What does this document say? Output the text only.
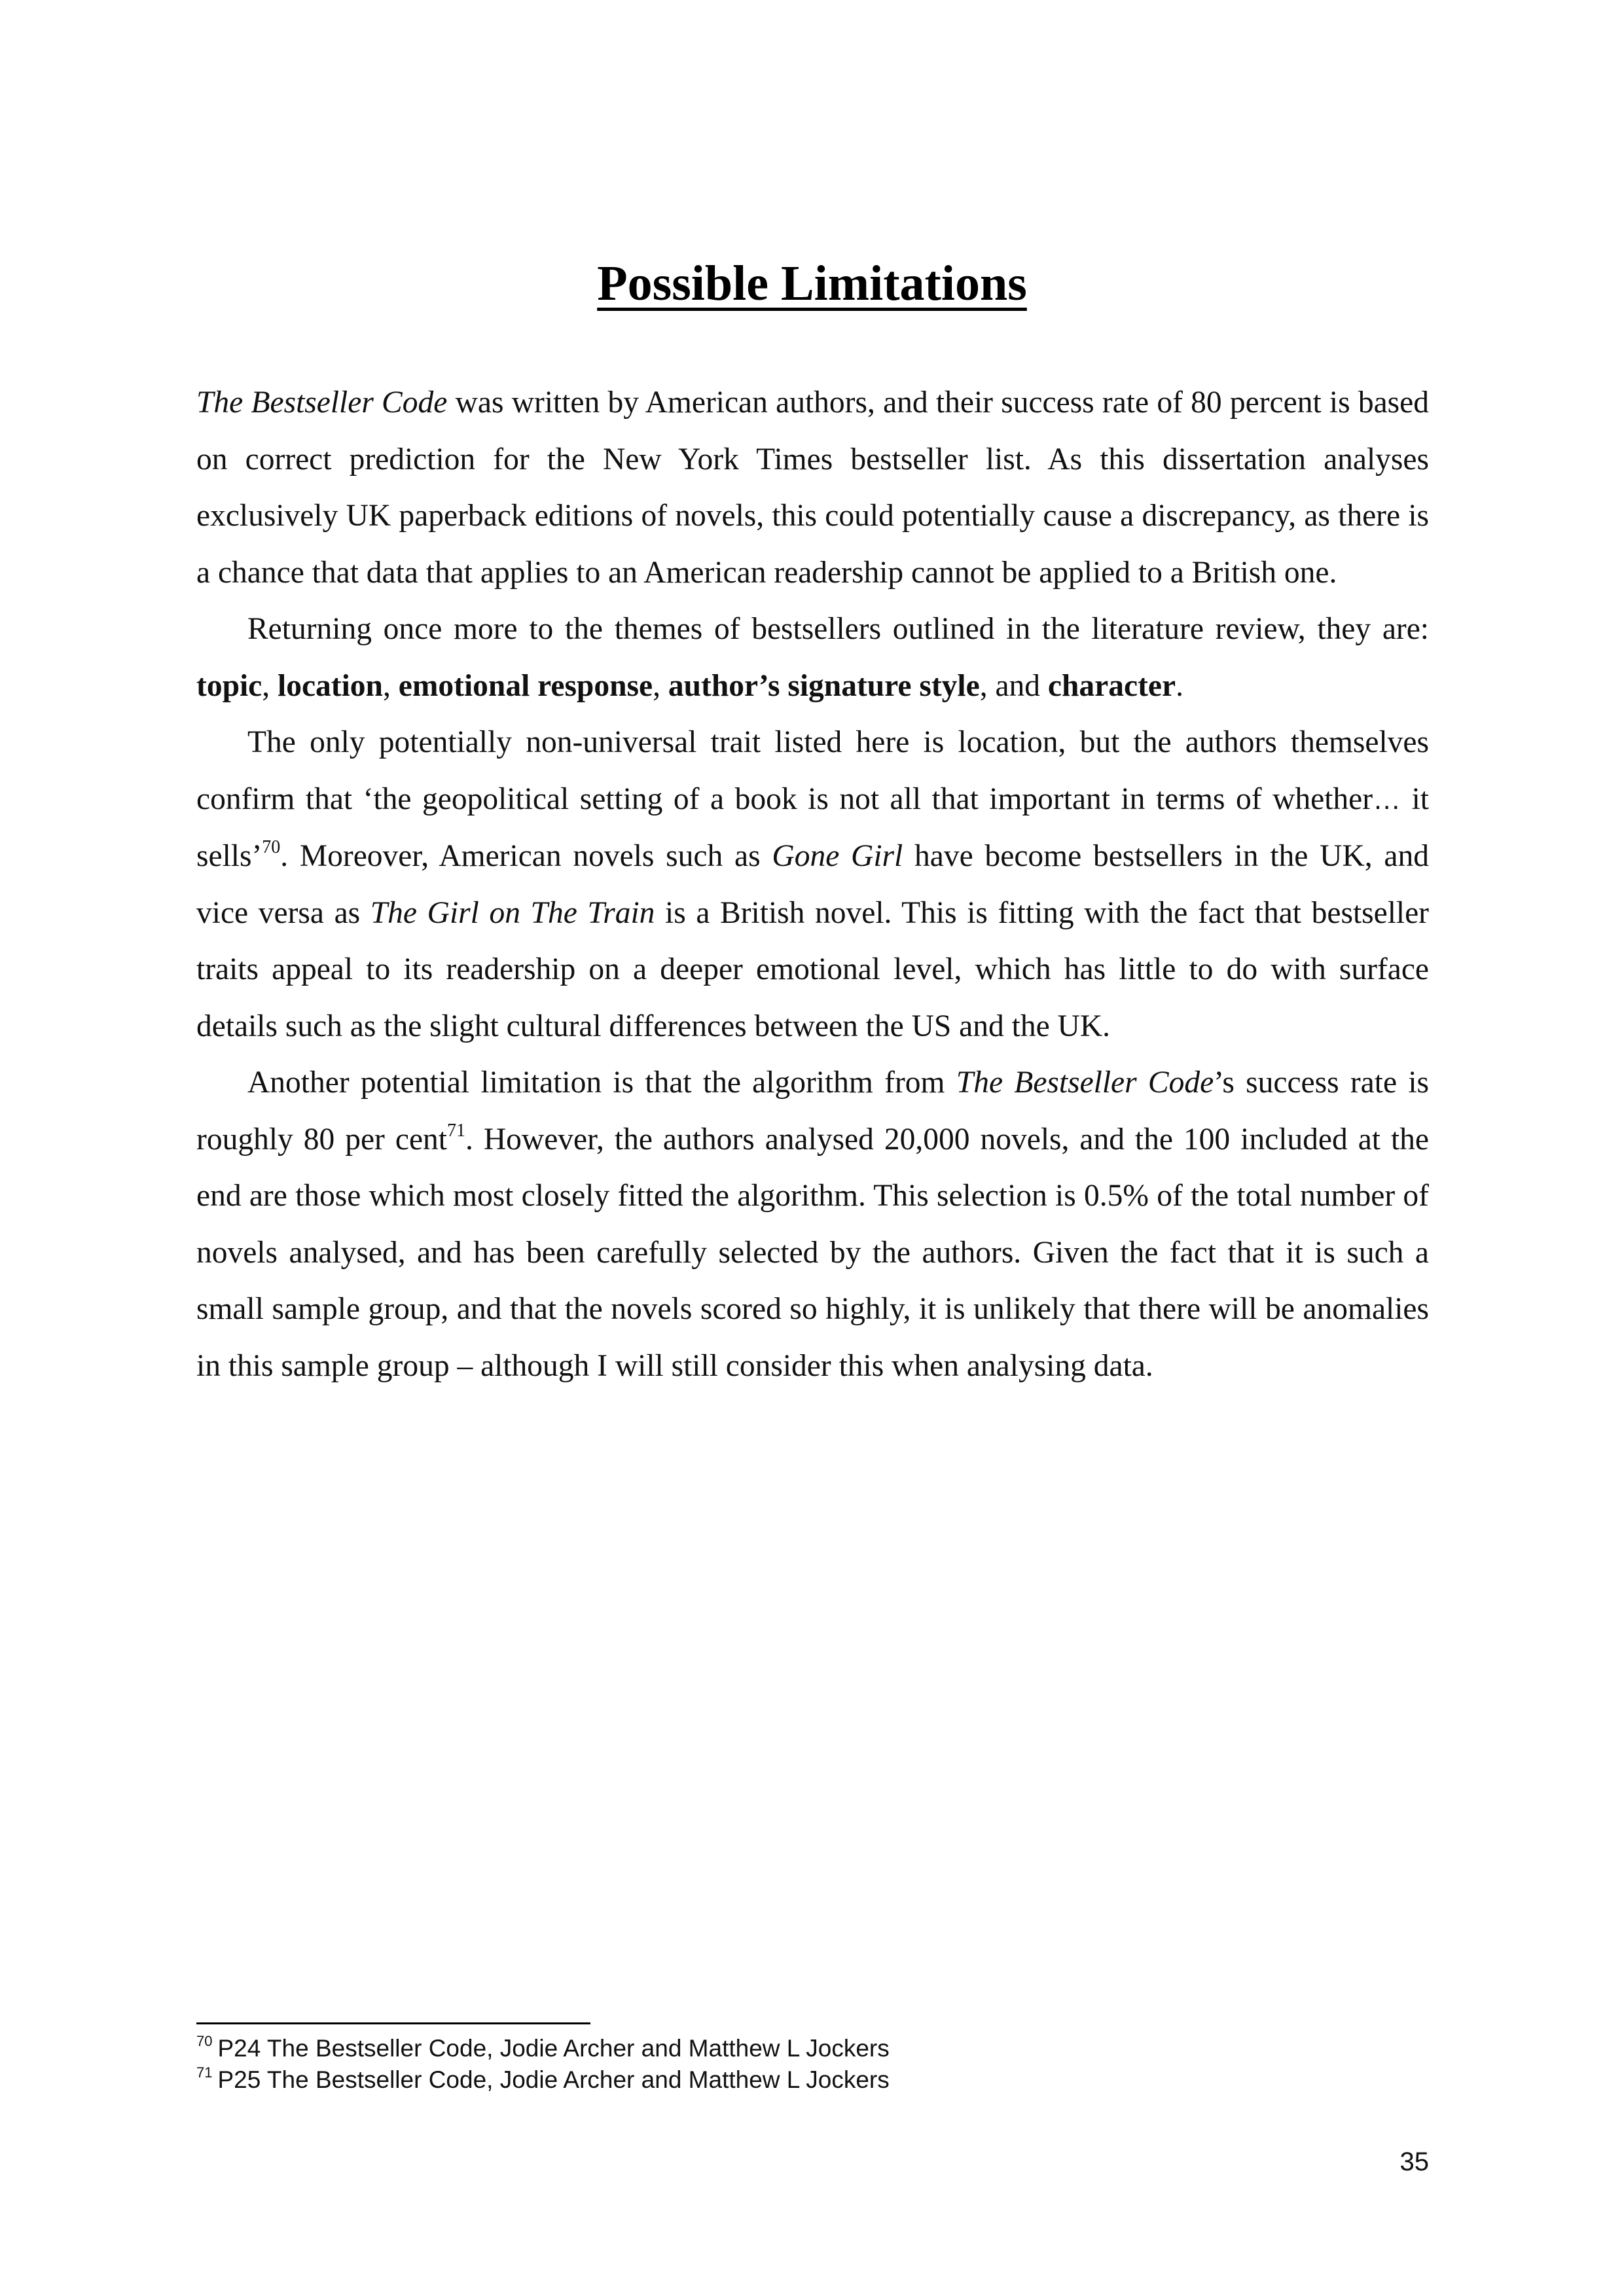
Possible Limitations

The Bestseller Code was written by American authors, and their success rate of 80 percent is based on correct prediction for the New York Times bestseller list. As this dissertation analyses exclusively UK paperback editions of novels, this could potentially cause a discrepancy, as there is a chance that data that applies to an American readership cannot be applied to a British one.

Returning once more to the themes of bestsellers outlined in the literature review, they are: topic, location, emotional response, author’s signature style, and character.

The only potentially non-universal trait listed here is location, but the authors themselves confirm that ‘the geopolitical setting of a book is not all that important in terms of whether… it sells’$^{70}$. Moreover, American novels such as Gone Girl have become bestsellers in the UK, and vice versa as The Girl on The Train is a British novel. This is fitting with the fact that bestseller traits appeal to its readership on a deeper emotional level, which has little to do with surface details such as the slight cultural differences between the US and the UK.

Another potential limitation is that the algorithm from The Bestseller Code’s success rate is roughly 80 per cent$^{71}$. However, the authors analysed 20,000 novels, and the 100 included at the end are those which most closely fitted the algorithm. This selection is 0.5% of the total number of novels analysed, and has been carefully selected by the authors. Given the fact that it is such a small sample group, and that the novels scored so highly, it is unlikely that there will be anomalies in this sample group – although I will still consider this when analysing data.

$^{70}$ P24 The Bestseller Code, Jodie Archer and Matthew L Jockers
$^{71}$ P25 The Bestseller Code, Jodie Archer and Matthew L Jockers
35
